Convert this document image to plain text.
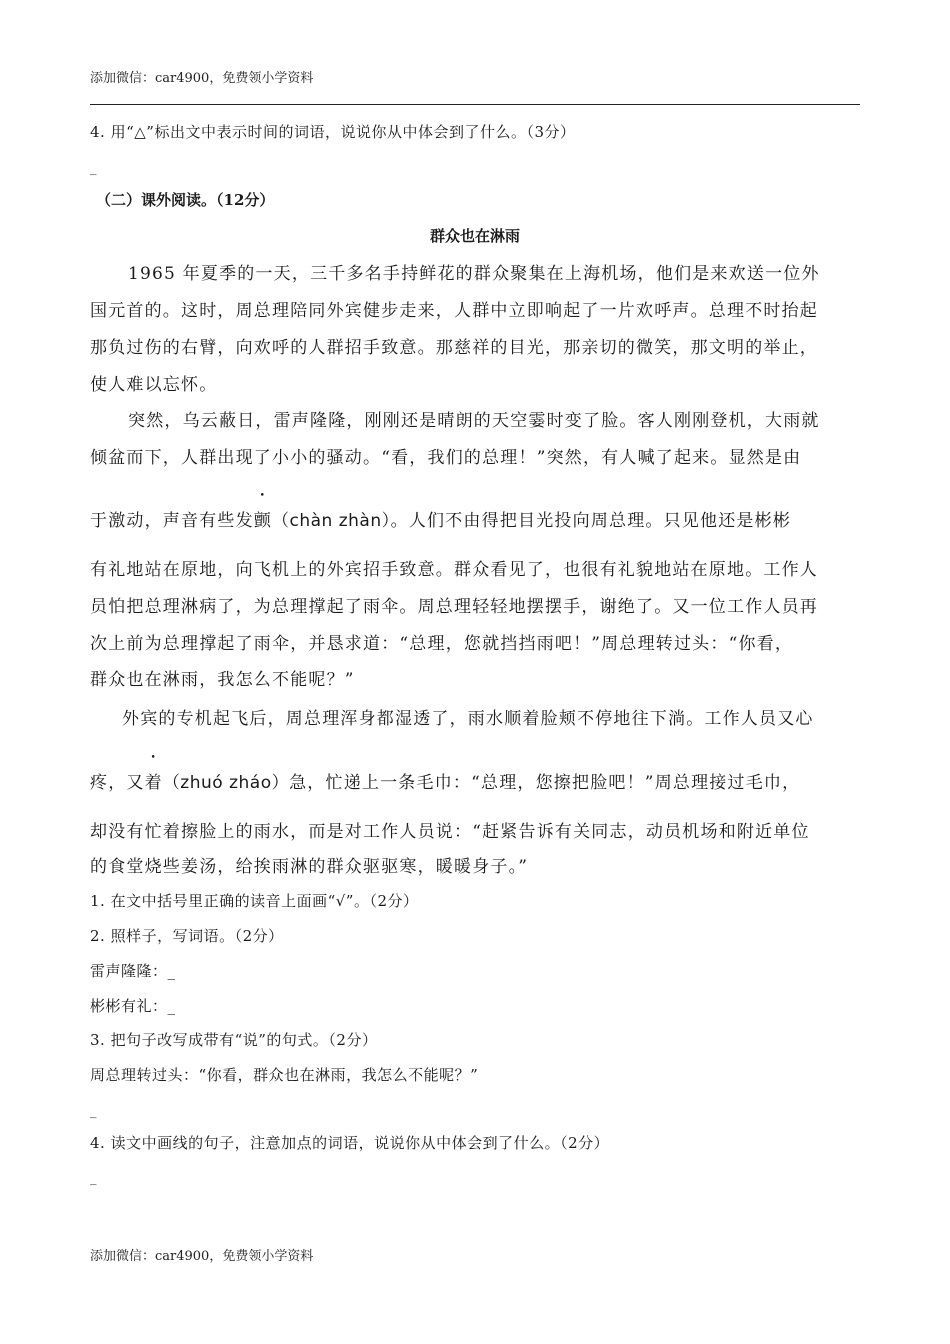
添加微信：car4900，免费领小学资料
4. 用“△”标出文中表示时间的词语，说说你从中体会到了什么。（3分）
_
（二）课外阅读。（12分）
群众也在淋雨
1965 年夏季的一天，三千多名手持鲜花的群众聚集在上海机场，他们是来欢送一位外
国元首的。这时，周总理陪同外宾健步走来，人群中立即响起了一片欢呼声。总理不时抬起
那负过伤的右臂，向欢呼的人群招手致意。那慈祥的目光，那亲切的微笑，那文明的举止，
使人难以忘怀。
突然，乌云蔽日，雷声隆隆，刚刚还是晴朗的天空霎时变了脸。客人刚刚登机，大雨就
倾盆而下，人群出现了小小的骚动。“看，我们的总理！”突然，有人喊了起来。显然是由
于激动，声音有些发颤（chàn zhàn）。人们不由得把目光投向周总理。只见他还是彬彬
有礼地站在原地，向飞机上的外宾招手致意。群众看见了，也很有礼貌地站在原地。工作人
员怕把总理淋病了，为总理撑起了雨伞。周总理轻轻地摆摆手，谢绝了。又一位工作人员再
次上前为总理撑起了雨伞，并恳求道：“总理，您就挡挡雨吧！”周总理转过头：“你看，
群众也在淋雨，我怎么不能呢？”
外宾的专机起飞后，周总理浑身都湿透了，雨水顺着脸颊不停地往下淌。工作人员又心
疼，又着（zhuó zháo）急，忙递上一条毛巾：“总理，您擦把脸吧！”周总理接过毛巾，
却没有忙着擦脸上的雨水，而是对工作人员说：“赶紧告诉有关同志，动员机场和附近单位
的食堂烧些姜汤，给挨雨淋的群众驱驱寒，暖暖身子。”
1. 在文中括号里正确的读音上面画“√”。（2分）
2. 照样子，写词语。（2分）
雷声隆隆：_
彬彬有礼：_
3. 把句子改写成带有“说”的句式。（2分）
周总理转过头：“你看，群众也在淋雨，我怎么不能呢？”
_
4. 读文中画线的句子，注意加点的词语，说说你从中体会到了什么。（2分）
_
添加微信：car4900，免费领小学资料
